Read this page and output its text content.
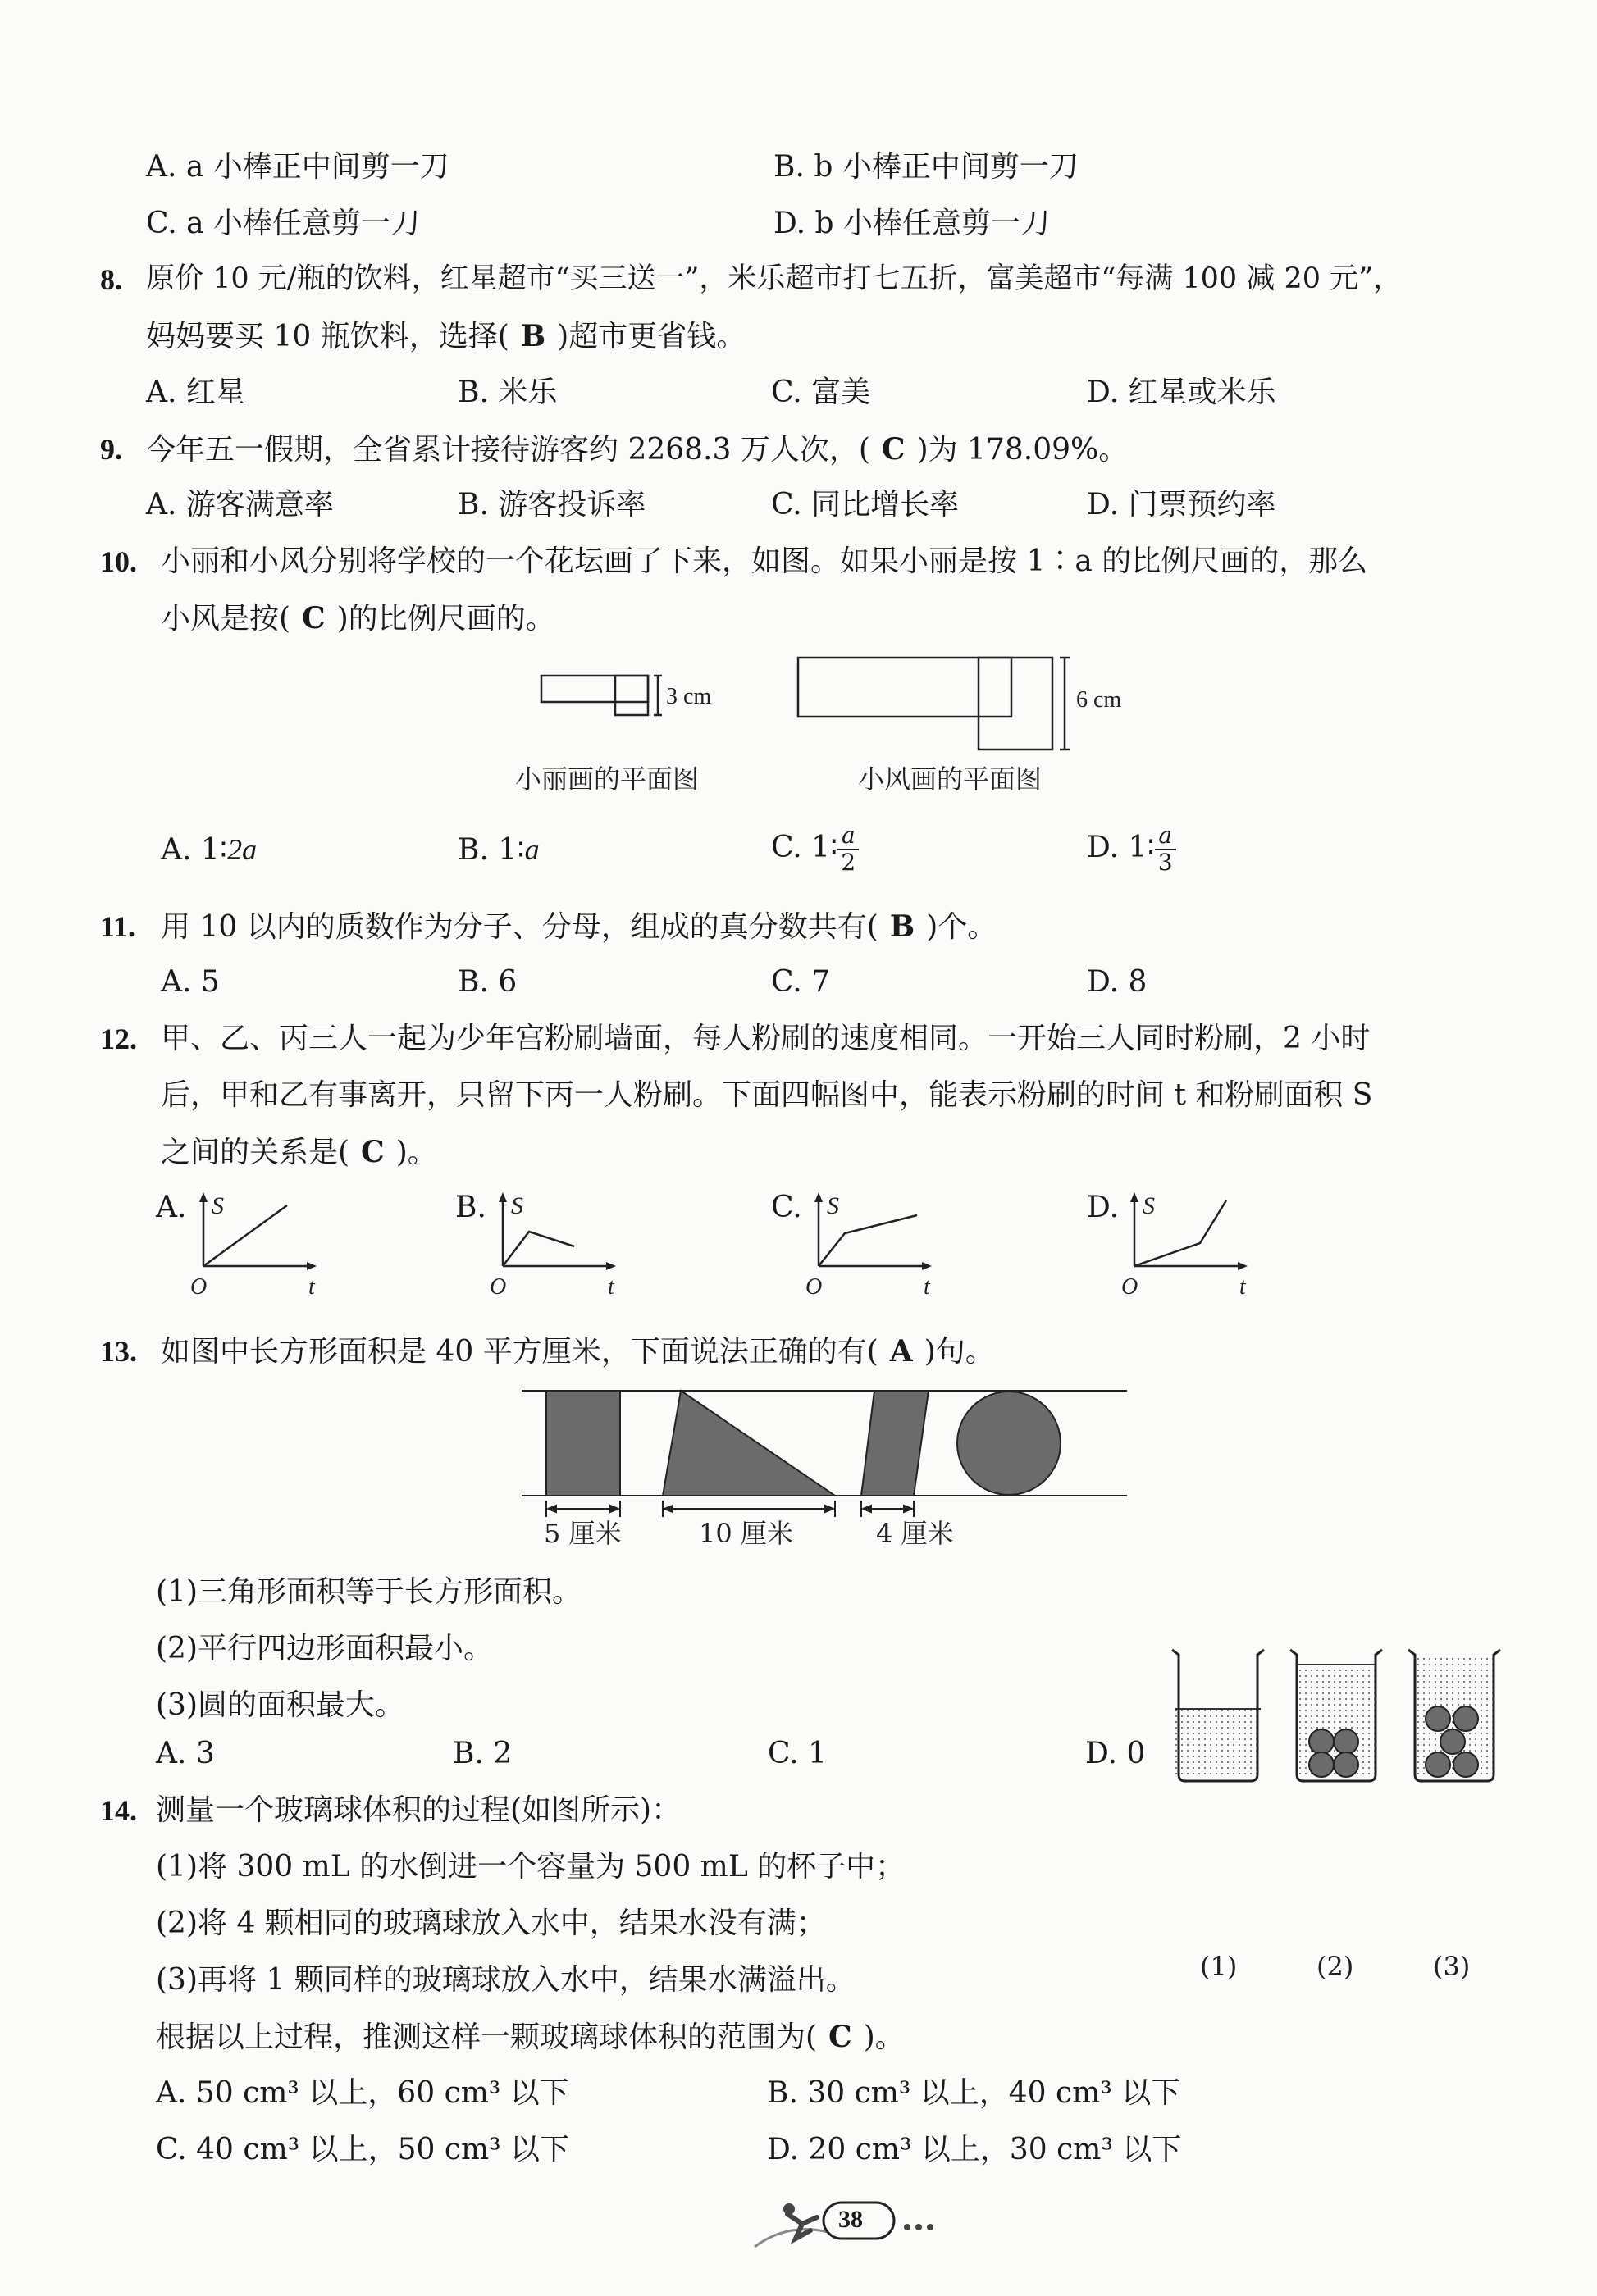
A. a 小棒正中间剪一刀	B. b 小棒正中间剪一刀
C. a 小棒任意剪一刀	D. b 小棒任意剪一刀
8. 原价 10 元/瓶的饮料，红星超市“买三送一”，米乐超市打七五折，富美超市“每满 100 减 20 元”，
妈妈要买 10 瓶饮料，选择( B )超市更省钱。
A. 红星	B. 米乐	C. 富美	D. 红星或米乐
9. 今年五一假期，全省累计接待游客约 2268.3 万人次，( C )为 178.09%。
A. 游客满意率	B. 游客投诉率	C. 同比增长率	D. 门票预约率
10. 小丽和小风分别将学校的一个花坛画了下来，如图。如果小丽是按 1∶a 的比例尺画的，那么
小风是按( C )的比例尺画的。
3 cm	6 cm
小丽画的平面图	小风画的平面图
A. 1∶2a	B. 1∶a	C. 1∶ $\frac{a}{2}$	D. 1∶ $\frac{a}{3}$
11. 用 10 以内的质数作为分子、分母，组成的真分数共有( B )个。
A. 5	B. 6	C. 7	D. 8
12. 甲、乙、丙三人一起为少年宫粉刷墙面，每人粉刷的速度相同。一开始三人同时粉刷，2 小时
后，甲和乙有事离开，只留下丙一人粉刷。下面四幅图中，能表示粉刷的时间 t 和粉刷面积 S
之间的关系是( C )。
A. S
t
O
B. S
t
O
C. S
t
O
D. S
t
O
13. 如图中长方形面积是 40 平方厘米，下面说法正确的有( A )句。
5 厘米	10 厘米	4 厘米
(1)三角形面积等于长方形面积。
(2)平行四边形面积最小。
(3)圆的面积最大。
A. 3	B. 2	C. 1	D. 0
14. 测量一个玻璃球体积的过程(如图所示)：
(1)将 300 mL 的水倒进一个容量为 500 mL 的杯子中；
(2)将 4 颗相同的玻璃球放入水中，结果水没有满；
(3)再将 1 颗同样的玻璃球放入水中，结果水满溢出。
根据以上过程，推测这样一颗玻璃球体积的范围为( C )。
(1)	(2)	(3)
A. 50 cm³ 以上，60 cm³ 以下	B. 30 cm³ 以上，40 cm³ 以下
C. 40 cm³ 以上，50 cm³ 以下	D. 20 cm³ 以上，30 cm³ 以下
38
